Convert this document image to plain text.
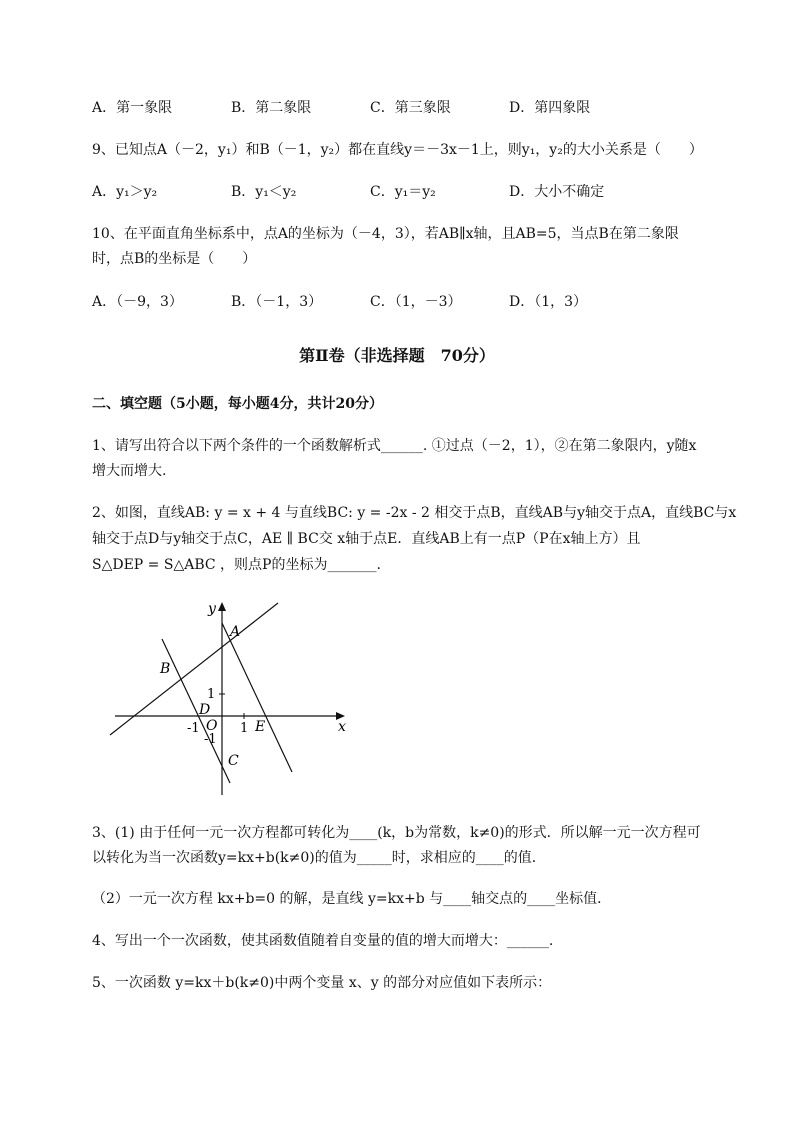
A．第一象限	B．第二象限	C．第三象限	D．第四象限
9、已知点A（－2，y₁）和B（－1，y₂）都在直线y＝－3x－1上，则y₁，y₂的大小关系是（　　）
A．y₁＞y₂	B．y₁＜y₂	C．y₁＝y₂	D．大小不确定
10、在平面直角坐标系中，点A的坐标为（－4，3），若AB∥x轴，且AB=5，当点B在第二象限
时，点B的坐标是（　　）
A．（－9，3）	B．（－1，3）	C．（1，－3）	D．（1，3）
第Ⅱ卷（非选择题　70分）
二、填空题（5小题，每小题4分，共计20分）
1、请写出符合以下两个条件的一个函数解析式______. ①过点（－2，1），②在第二象限内，y随x
增大而增大.
2、如图，直线AB: y = x + 4 与直线BC: y = -2x - 2 相交于点B，直线AB与y轴交于点A，直线BC与x
轴交于点D与y轴交于点C，AE ∥ BC交 x轴于点E．直线AB上有一点P（P在x轴上方）且
S△DEP = S△ABC ，则点P的坐标为_______.
y
x
A
B
C
D
E
O 1
-1
1
-1
3、(1) 由于任何一元一次方程都可转化为____(k，b为常数，k≠0)的形式．所以解一元一次方程可
以转化为当一次函数y=kx+b(k≠0)的值为_____时，求相应的____的值．
（2）一元一次方程 kx+b=0 的解，是直线 y=kx+b 与____轴交点的____坐标值．
4、写出一个一次函数，使其函数值随着自变量的值的增大而增大：______.
5、一次函数 y=kx＋b(k≠0)中两个变量 x、y 的部分对应值如下表所示：
